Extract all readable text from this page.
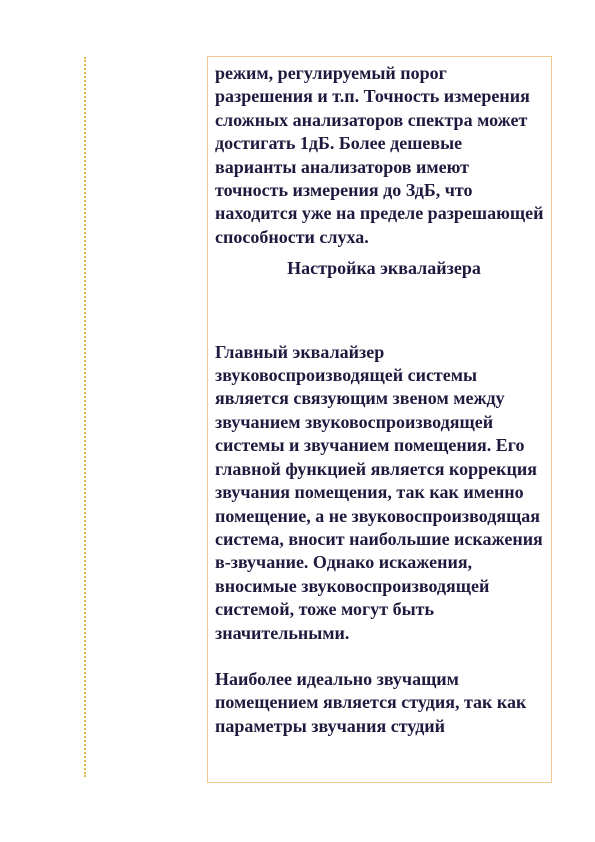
режим, регулируемый порог разрешения и т.п. Точность измерения сложных анализаторов спектра может достигать 1дБ. Более дешевые варианты анализаторов имеют точность измерения до ЗдБ, что находится уже на пределе разрешающей способности слуха.

Настройка эквалайзера

Главный эквалайзер звуковоспроизводящей системы является связующим звеном между звучанием звуковоспроизводящей системы и звучанием помещения. Его главной функцией является коррекция звучания помещения, так как именно помещение, а не звуковоспроизводящая система, вносит наибольшие искажения в-звучание. Однако искажения, вносимые звуковоспроизводящей системой, тоже могут быть значительными.

Наиболее идеально звучащим помещением является студия, так как параметры звучания студий
